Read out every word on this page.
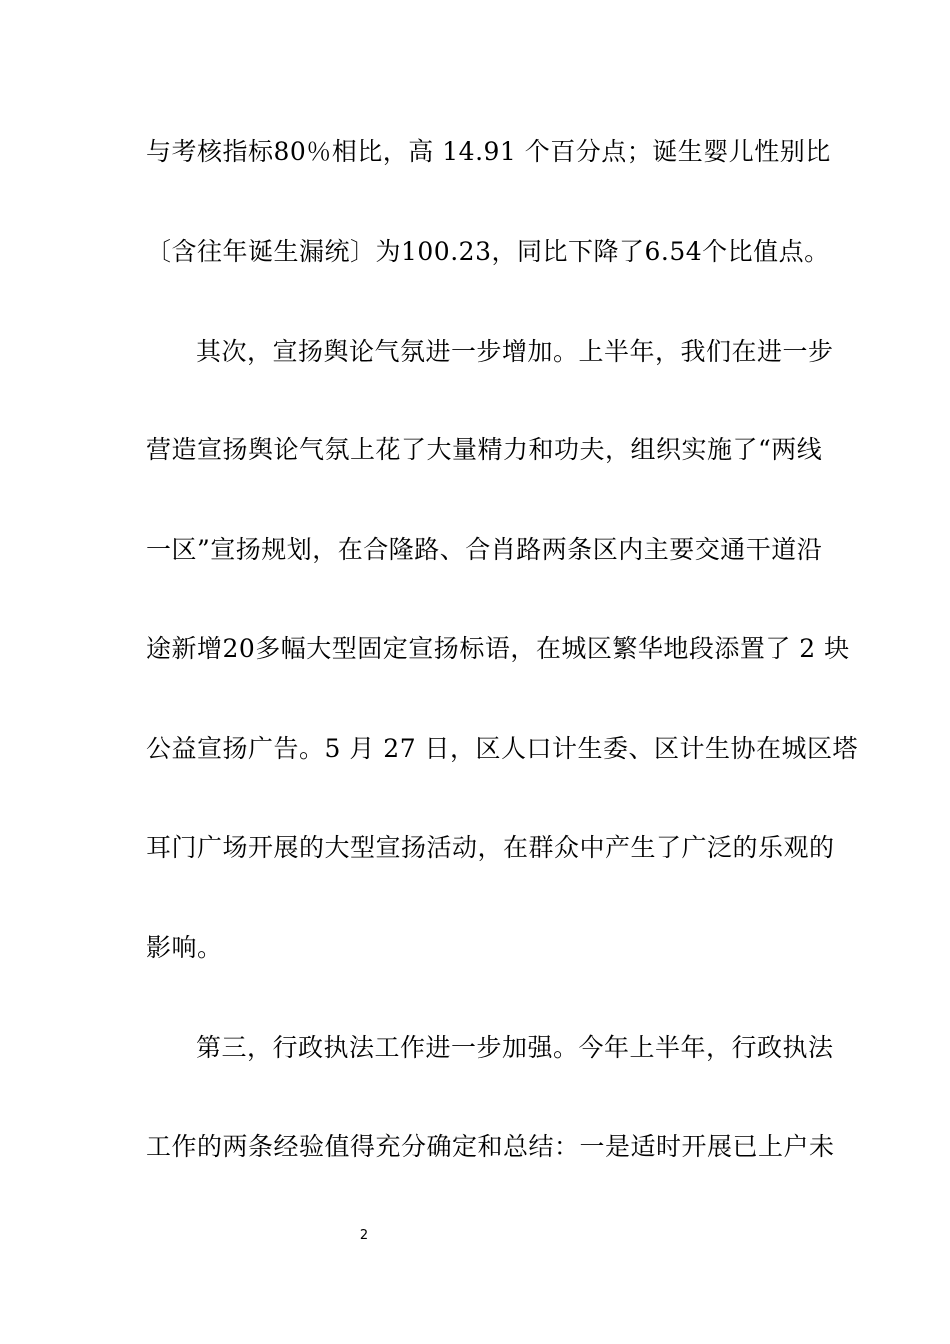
与考核指标80％相比，高 14.91 个百分点；诞生婴儿性别比
〔含往年诞生漏统〕为100.23，同比下降了6.54个比值点。
其次，宣扬舆论气氛进一步增加。上半年，我们在进一步
营造宣扬舆论气氛上花了大量精力和功夫，组织实施了“两线
一区”宣扬规划，在合隆路、合肖路两条区内主要交通干道沿
途新增20多幅大型固定宣扬标语，在城区繁华地段添置了 2 块
公益宣扬广告。5 月 27 日，区人口计生委、区计生协在城区塔
耳门广场开展的大型宣扬活动，在群众中产生了广泛的乐观的
影响。
第三，行政执法工作进一步加强。今年上半年，行政执法
工作的两条经验值得充分确定和总结：一是适时开展已上户未
2
